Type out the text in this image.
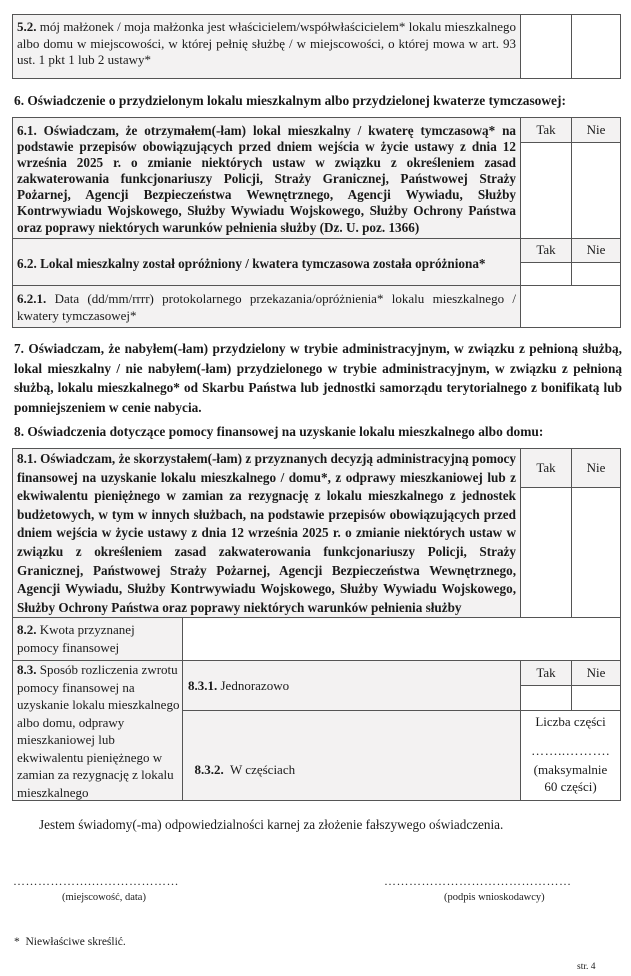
5.2. mój małżonek / moja małżonka jest właścicielem/współwłaścicielem* lokalu mieszkalnego albo domu w miejscowości, w której pełnię służbę / w miejscowości, o której mowa w art. 93 ust. 1 pkt 1 lub 2 ustawy*
6. Oświadczenie o przydzielonym lokalu mieszkalnym albo przydzielonej kwaterze tymczasowej:
Tak Nie
6.1. Oświadczam, że otrzymałem(-łam) lokal mieszkalny / kwaterę tymczasową* na podstawie przepisów obowiązujących przed dniem wejścia w życie ustawy z dnia 12 września 2025 r. o zmianie niektórych ustaw w związku z określeniem zasad zakwaterowania funkcjonariuszy Policji, Straży Granicznej, Państwowej Straży Pożarnej, Agencji Bezpieczeństwa Wewnętrznego, Agencji Wywiadu, Służby Kontrwywiadu Wojskowego, Służby Wywiadu Wojskowego, Służby Ochrony Państwa oraz poprawy niektórych warunków pełnienia służby (Dz. U. poz. 1366)
Tak Nie
6.2. Lokal mieszkalny został opróżniony / kwatera tymczasowa została opróżniona*
6.2.1. Data (dd/mm/rrrr) protokolarnego przekazania/opróżnienia* lokalu mieszkalnego / kwatery tymczasowej*
7. Oświadczam, że nabyłem(-łam) przydzielony w trybie administracyjnym, w związku z pełnioną służbą, lokal mieszkalny / nie nabyłem(-łam) przydzielonego w trybie administracyjnym, w związku z pełnioną służbą, lokalu mieszkalnego* od Skarbu Państwa lub jednostki samorządu terytorialnego z bonifikatą lub pomniejszeniem w cenie nabycia.
8. Oświadczenia dotyczące pomocy finansowej na uzyskanie lokalu mieszkalnego albo domu:
Tak Nie
8.1. Oświadczam, że skorzystałem(-łam) z przyznanych decyzją administracyjną pomocy finansowej na uzyskanie lokalu mieszkalnego / domu*, z odprawy mieszkaniowej lub z ekwiwalentu pieniężnego w zamian za rezygnację z lokalu mieszkalnego z jednostek budżetowych, w tym w innych służbach, na podstawie przepisów obowiązujących przed dniem wejścia w życie ustawy z dnia 12 września 2025 r. o zmianie niektórych ustaw w związku z określeniem zasad zakwaterowania funkcjonariuszy Policji, Straży Granicznej, Państwowej Straży Pożarnej, Agencji Bezpieczeństwa Wewnętrznego, Agencji Wywiadu, Służby Kontrwywiadu Wojskowego, Służby Wywiadu Wojskowego, Służby Ochrony Państwa oraz poprawy niektórych warunków pełnienia służby
8.2. Kwota przyznanej pomocy finansowej
8.3. Sposób rozliczenia zwrotu pomocy finansowej na uzyskanie lokalu mieszkalnego albo domu, odprawy mieszkaniowej lub ekwiwalentu pieniężnego w zamian za rezygnację z lokalu mieszkalnego
8.3.1. Jednorazowo
Tak Nie

8.3.2.  W częściach

Liczba części
……..……….
(maksymalnie 60 części)
Jestem świadomy(-ma) odpowiedzialności karnej za złożenie fałszywego oświadczenia.
……………….…………………
(miejscowość, data)
………………………………………
(podpis wnioskodawcy)
*  Niewłaściwe skreślić.
str. 4
